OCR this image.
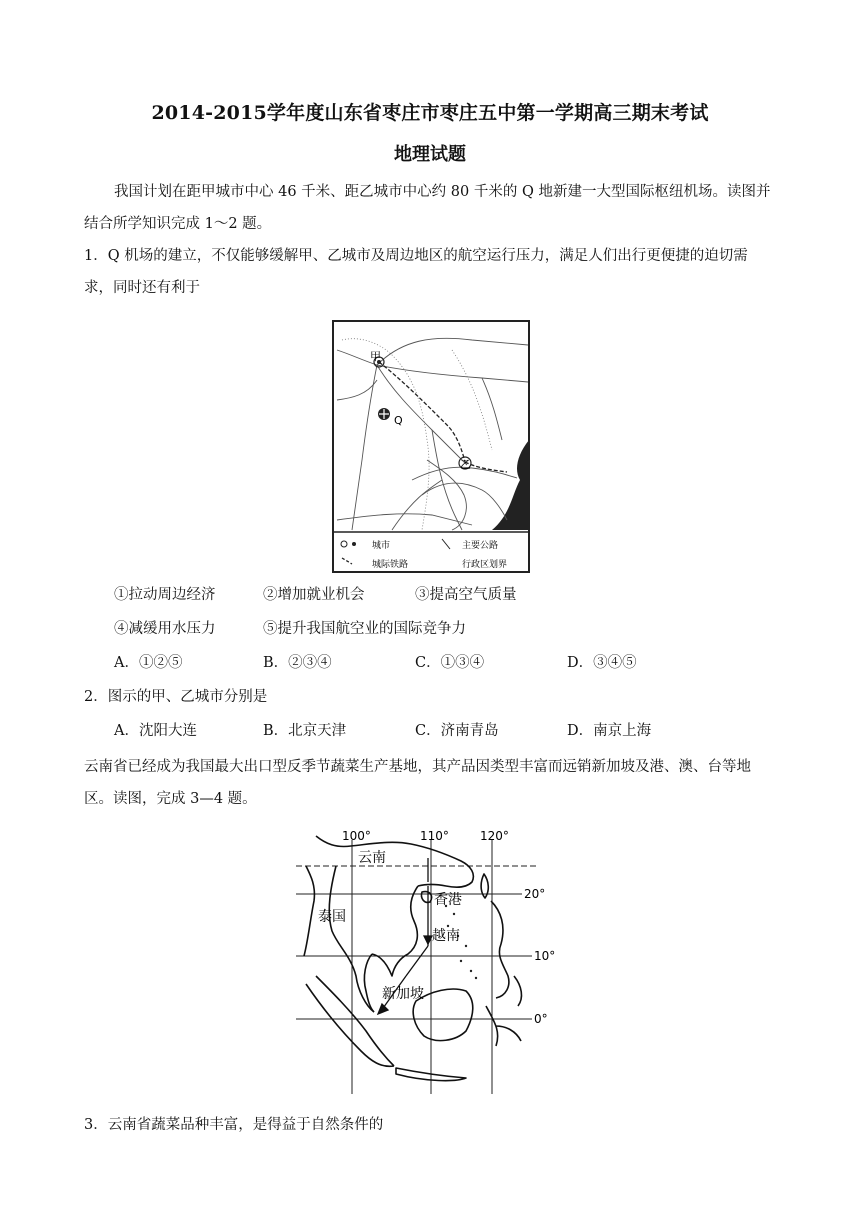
2014-2015学年度山东省枣庄市枣庄五中第一学期高三期末考试
地理试题
我国计划在距甲城市中心 46 千米、距乙城市中心约 80 千米的 Q 地新建一大型国际枢纽机场。读图并
结合所学知识完成 1～2 题。
1．Q 机场的建立，不仅能够缓解甲、乙城市及周边地区的航空运行压力，满足人们出行更便捷的迫切需
求，同时还有利于
甲
Q
乙
城市	主要公路
城际铁路	行政区划界
①拉动周边经济	②增加就业机会	③提高空气质量
④减缓用水压力	⑤提升我国航空业的国际竞争力
A．①②⑤	B．②③④	C．①③④	D．③④⑤
2．图示的甲、乙城市分别是
A．沈阳大连	B．北京天津	C．济南青岛	D．南京上海
云南省已经成为我国最大出口型反季节蔬菜生产基地，其产品因类型丰富而远销新加坡及港、澳、台等地
区。读图，完成 3—4 题。
100°	110°	120°
20°
10°
0°
云南
香港
泰国
越南
新加坡
3．云南省蔬菜品种丰富，是得益于自然条件的
